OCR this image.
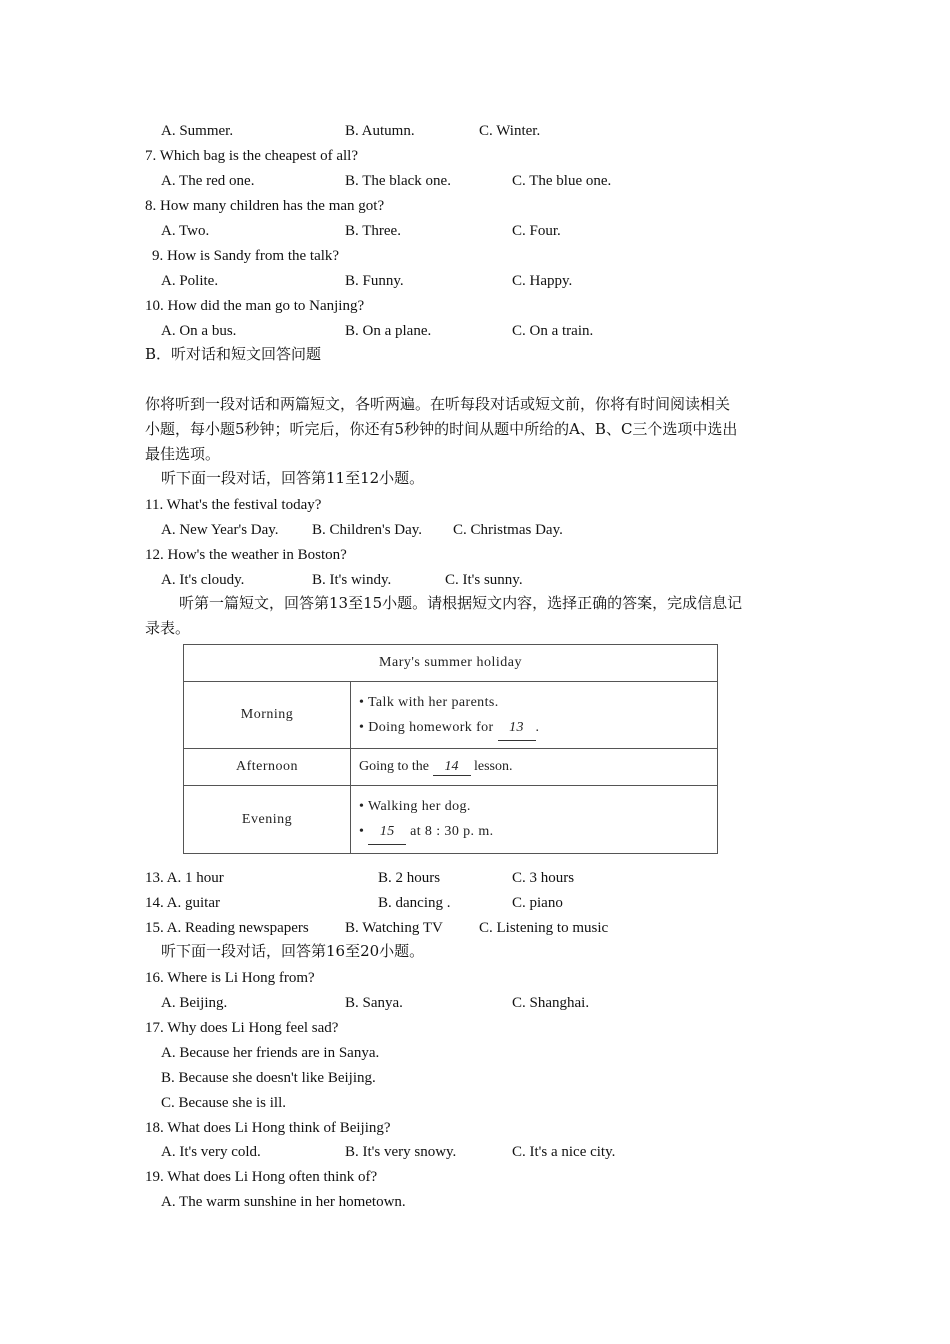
A. Summer.	B. Autumn.	C. Winter.
7. Which bag is the cheapest of all?
A. The red one.	B. The black one.	C. The blue one.
8. How many children has the man got?
A. Two.	B. Three.	C. Four.
9. How is Sandy from the talk?
A. Polite.	B. Funny.	C. Happy.
10. How did the man go to Nanjing?
A. On a bus.	B. On a plane.	C. On a train.
B．听对话和短文回答问题
你将听到一段对话和两篇短文，各听两遍。在听每段对话或短文前，你将有时间阅读相关
小题，每小题5秒钟；听完后，你还有5秒钟的时间从题中所给的A、B、C三个选项中选出
最佳选项。
听下面一段对话，回答第11至12小题。
11. What's the festival today?
A. New Year's Day. B. Children's Day. C. Christmas Day.
12. How's the weather in Boston?
A. It's cloudy.	B. It's windy.	C. It's sunny.
听第一篇短文，回答第13至15小题。请根据短文内容，选择正确的答案，完成信息记
录表。
Mary's summer holiday	
Morning	• Talk with her parents.
• Doing homework for 13 .

Afternoon	Going to the 14 lesson.
Evening	• Walking her dog.
• 15 at 8 : 30 p. m.
13. A. 1 hour	B. 2 hours	C. 3 hours
14. A. guitar	B. dancing .	C. piano
15. A. Reading newspapers B. Watching TV C. Listening to music
听下面一段对话，回答第16至20小题。
16. Where is Li Hong from?
A. Beijing.	B. Sanya.	C. Shanghai.
17. Why does Li Hong feel sad?
A. Because her friends are in Sanya.
B. Because she doesn't like Beijing.
C. Because she is ill.
18. What does Li Hong think of Beijing?
A. It's very cold.	B. It's very snowy.	C. It's a nice city.
19. What does Li Hong often think of?
A. The warm sunshine in her hometown.
